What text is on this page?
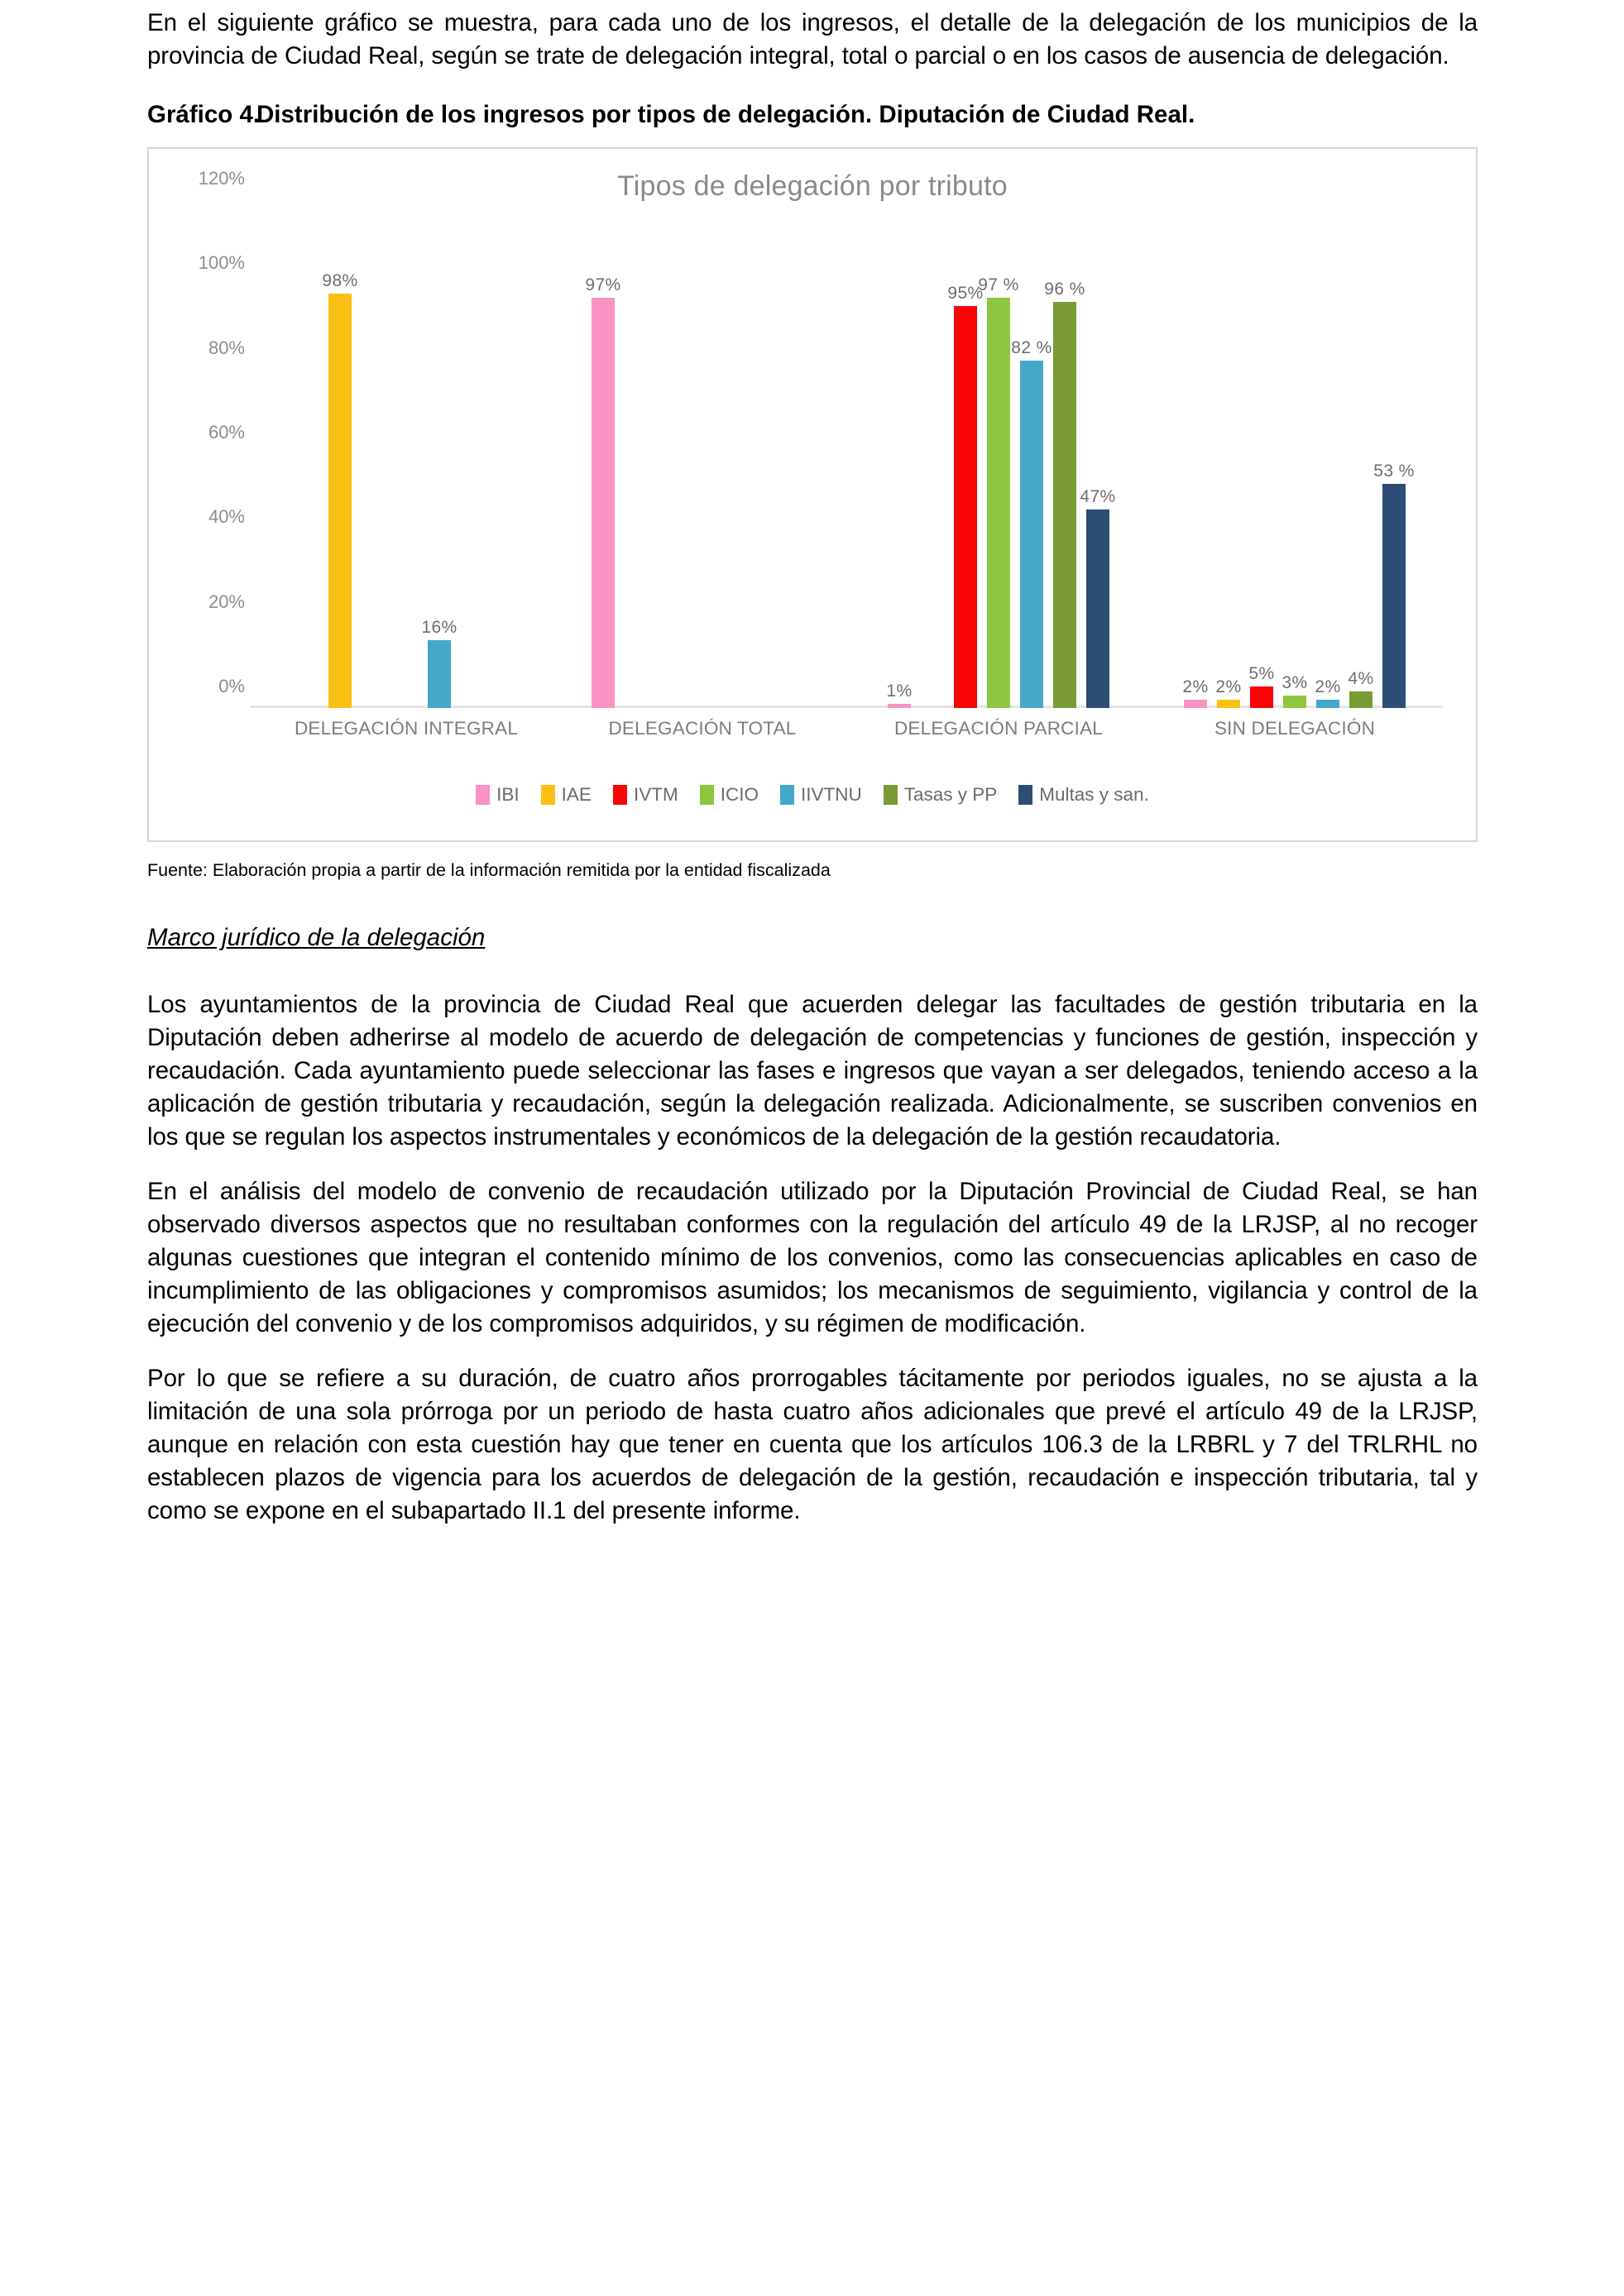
En el siguiente gráfico se muestra, para cada uno de los ingresos, el detalle de la delegación de los municipios de la provincia de Ciudad Real, según se trate de delegación integral, total o parcial o en los casos de ausencia de delegación.

Gráfico 4.
Distribución de los ingresos por tipos de delegación. Diputación de Ciudad Real.
Tipos de delegación por tributo
0%
20%
40%
60%
80%
100%
120%
98%
16%
97%
1%
95%
97 %
82 %
96 %
47%
2% 2%
5% 3% 2% 4%
53 %
DELEGACIÓN INTEGRAL	DELEGACIÓN TOTAL	DELEGACIÓN PARCIAL	SIN DELEGACIÓN
IBI IAE IVTM ICIO IIVTNU Tasas y PP Multas y san.

Fuente: Elaboración propia a partir de la información remitida por la entidad fiscalizada

Marco jurídico de la delegación

Los ayuntamientos de la provincia de Ciudad Real que acuerden delegar las facultades de gestión tributaria en la Diputación deben adherirse al modelo de acuerdo de delegación de competencias y funciones de gestión, inspección y recaudación. Cada ayuntamiento puede seleccionar las fases e ingresos que vayan a ser delegados, teniendo acceso a la aplicación de gestión tributaria y recaudación, según la delegación realizada. Adicionalmente, se suscriben convenios en los que se regulan los aspectos instrumentales y económicos de la delegación de la gestión recaudatoria.

En el análisis del modelo de convenio de recaudación utilizado por la Diputación Provincial de Ciudad Real, se han observado diversos aspectos que no resultaban conformes con la regulación del artículo 49 de la LRJSP, al no recoger algunas cuestiones que integran el contenido mínimo de los convenios, como las consecuencias aplicables en caso de incumplimiento de las obligaciones y compromisos asumidos; los mecanismos de seguimiento, vigilancia y control de la ejecución del convenio y de los compromisos adquiridos, y su régimen de modificación.

Por lo que se refiere a su duración, de cuatro años prorrogables tácitamente por periodos iguales, no se ajusta a la limitación de una sola prórroga por un periodo de hasta cuatro años adicionales que prevé el artículo 49 de la LRJSP, aunque en relación con esta cuestión hay que tener en cuenta que los artículos 106.3 de la LRBRL y 7 del TRLRHL no establecen plazos de vigencia para los acuerdos de delegación de la gestión, recaudación e inspección tributaria, tal y como se expone en el subapartado II.1 del presente informe.
